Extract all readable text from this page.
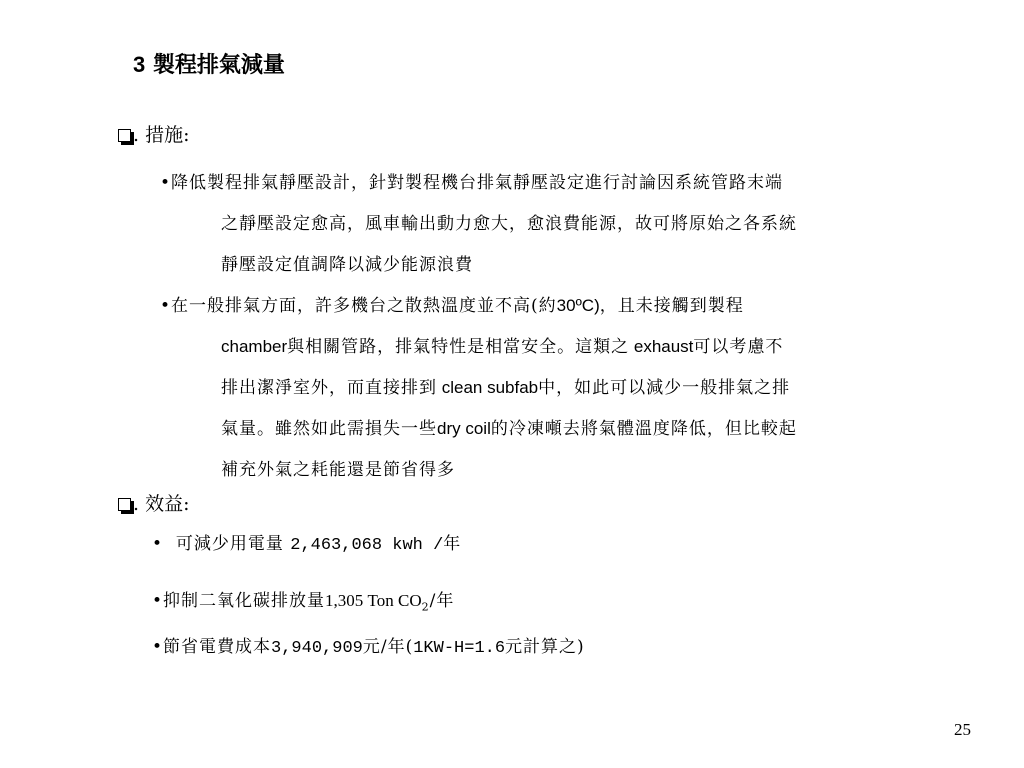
3 製程排氣減量
. 措施:
•降低製程排氣靜壓設計，針對製程機台排氣靜壓設定進行討論因系統管路末端
之靜壓設定愈高，風車輸出動力愈大，愈浪費能源，故可將原始之各系統
靜壓設定值調降以減少能源浪費
•在一般排氣方面，許多機台之散熱溫度並不高(約30ºC)，且未接觸到製程
chamber與相關管路，排氣特性是相當安全。這類之 exhaust可以考慮不
排出潔淨室外，而直接排到 clean subfab中，如此可以減少一般排氣之排
氣量。雖然如此需損失一些dry coil的冷凍噸去將氣體溫度降低，但比較起
補充外氣之耗能還是節省得多
. 效益:
• 可減少用電量 2,463,068 kwh /年
•抑制二氧化碳排放量1,305 Ton $CO_2/$年
•節省電費成本3,940,909元/年(1KW-H=1.6元計算之)
25
